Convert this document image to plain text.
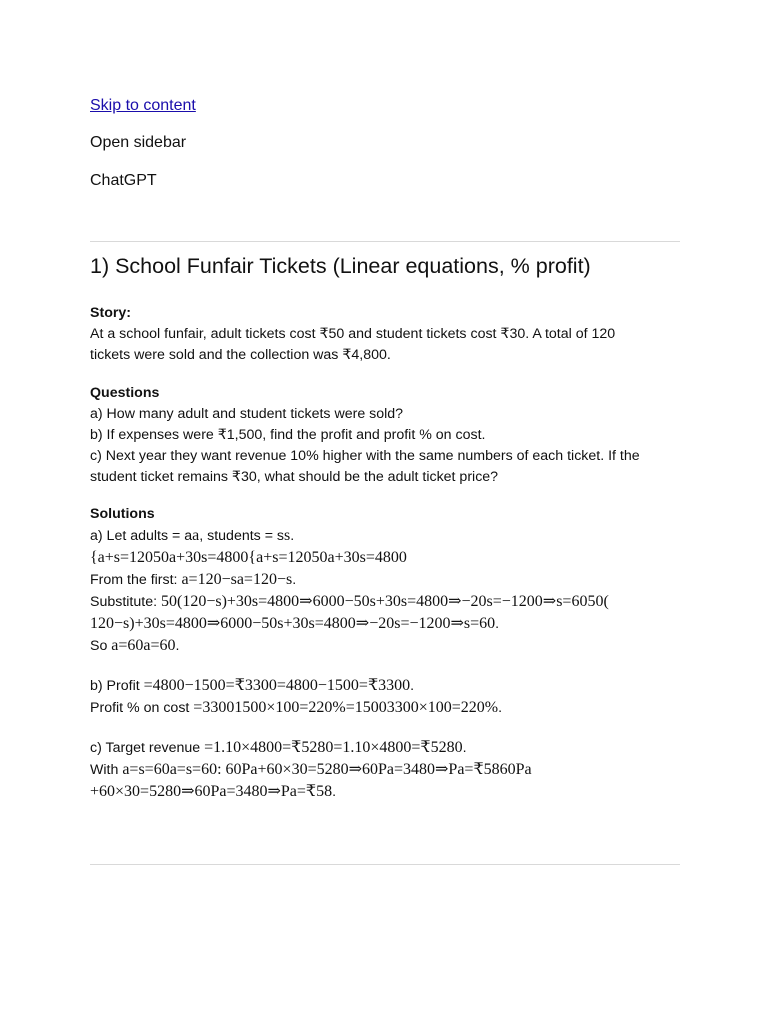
Skip to content
Open sidebar
ChatGPT
1) School Funfair Tickets (Linear equations, % profit)
Story:
At a school funfair, adult tickets cost ₹50 and student tickets cost ₹30. A total of 120
tickets were sold and the collection was ₹4,800.
Questions
a) How many adult and student tickets were sold?
b) If expenses were ₹1,500, find the profit and profit % on cost.
c) Next year they want revenue 10% higher with the same numbers of each ticket. If the
student ticket remains ₹30, what should be the adult ticket price?
Solutions
a) Let adults = aa, students = ss.
{a+s=12050a+30s=4800{a+s=12050a+30s=4800
From the first: a=120−sa=120−s.
Substitute: 50(120−s)+30s=4800⇒6000−50s+30s=4800⇒−20s=−1200⇒s=6050(
120−s)+30s=4800⇒6000−50s+30s=4800⇒−20s=−1200⇒s=60.
So a=60a=60.
b) Profit =4800−1500=₹3300=4800−1500=₹3300.
Profit % on cost =33001500×100=220%=15003300×100=220%.
c) Target revenue =1.10×4800=₹5280=1.10×4800=₹5280.
With a=s=60a=s=60: 60Pa+60×30=5280⇒60Pa=3480⇒Pa=₹5860Pa
+60×30=5280⇒60Pa=3480⇒Pa=₹58.
